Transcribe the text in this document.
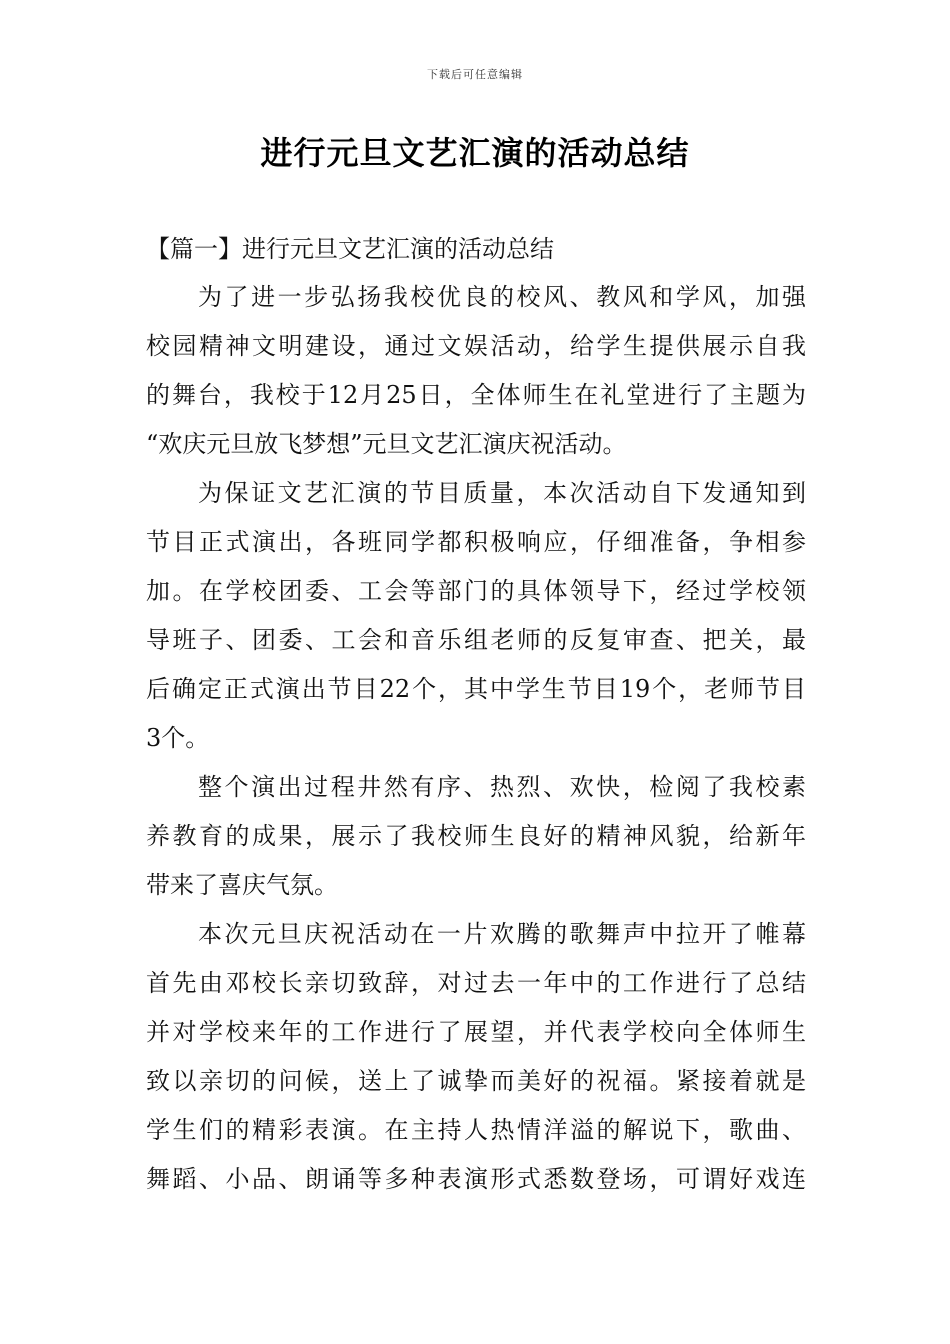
下载后可任意编辑
进行元旦文艺汇演的活动总结

【篇一】进行元旦文艺汇演的活动总结

为了进一步弘扬我校优良的校风、教风和学风，加强
校园精神文明建设，通过文娱活动，给学生提供展示自我
的舞台，我校于12月25日，全体师生在礼堂进行了主题为
“欢庆元旦放飞梦想”元旦文艺汇演庆祝活动。
为保证文艺汇演的节目质量，本次活动自下发通知到
节目正式演出，各班同学都积极响应，仔细准备，争相参
加。在学校团委、工会等部门的具体领导下，经过学校领
导班子、团委、工会和音乐组老师的反复审查、把关，最
后确定正式演出节目22个，其中学生节目19个，老师节目
3个。
整个演出过程井然有序、热烈、欢快，检阅了我校素
养教育的成果，展示了我校师生良好的精神风貌，给新年
带来了喜庆气氛。
本次元旦庆祝活动在一片欢腾的歌舞声中拉开了帷幕
首先由邓校长亲切致辞，对过去一年中的工作进行了总结
并对学校来年的工作进行了展望，并代表学校向全体师生
致以亲切的问候，送上了诚挚而美好的祝福。紧接着就是
学生们的精彩表演。在主持人热情洋溢的解说下，歌曲、
舞蹈、小品、朗诵等多种表演形式悉数登场，可谓好戏连
